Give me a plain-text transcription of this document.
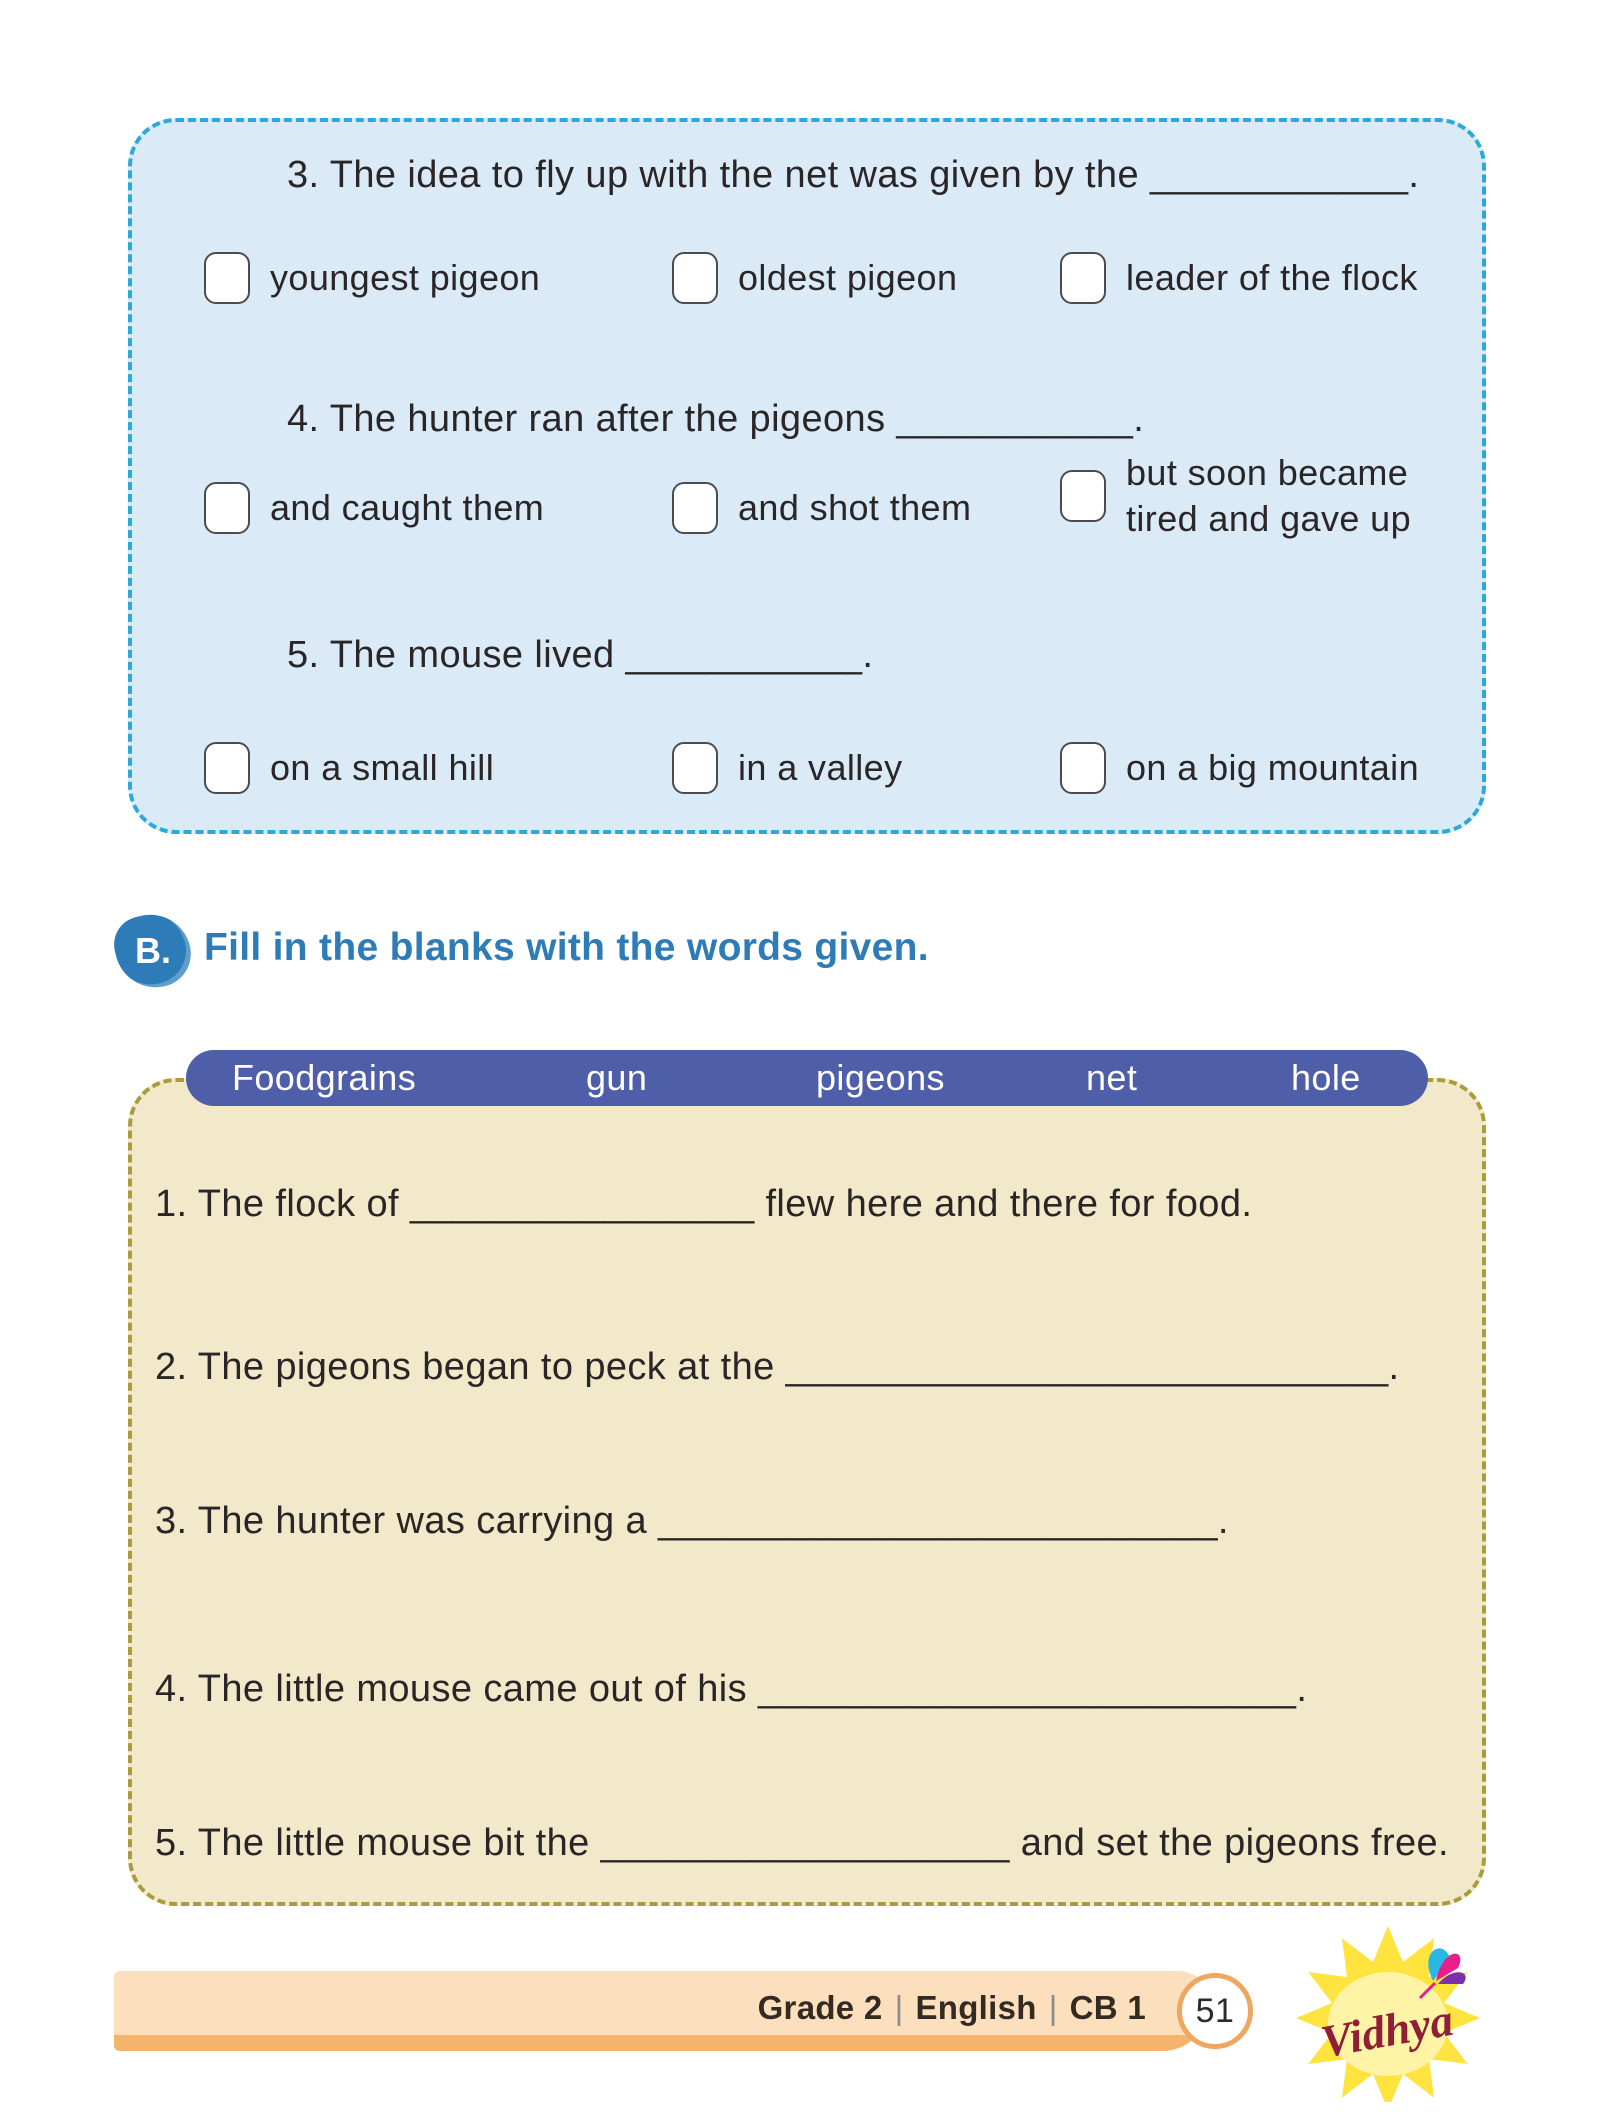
3. The idea to fly up with the net was given by the ____________.
youngest pigeon	oldest pigeon	leader of the flock
4. The hunter ran after the pigeons ___________.
and caught them	and shot them
but soon became tired and gave up
5. The mouse lived ___________.
on a small hill	in a valley	on a big mountain
B. Fill in the blanks with the words given.
Foodgrains	gun	pigeons	net	hole
1. The flock of ________________ flew here and there for food.
2. The pigeons began to peck at the ____________________________.
3. The hunter was carrying a __________________________.
4. The little mouse came out of his _________________________.
5. The little mouse bit the ___________________ and set the pigeons free.
Grade 2 | English | CB 1 51 Vidhya
